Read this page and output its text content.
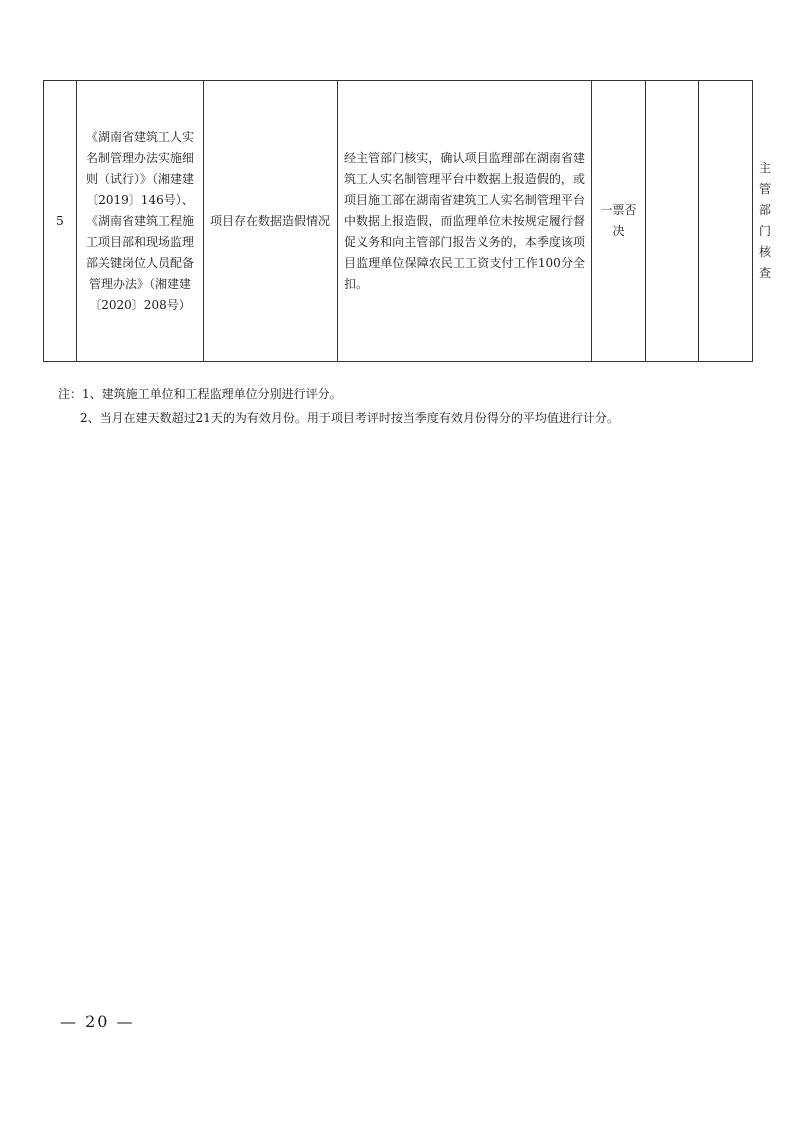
5	《湖南省建筑工人实名制管理办法实施细则（试行）》（湘建建〔2019〕146号）、《湖南省建筑工程施工项目部和现场监理部关键岗位人员配备管理办法》（湘建建〔2020〕208号）	项目存在数据造假情况	经主管部门核实，确认项目监理部在湖南省建筑工人实名制管理平台中数据上报造假的，或项目施工部在湖南省建筑工人实名制管理平台中数据上报造假，而监理单位未按规定履行督促义务和向主管部门报告义务的，本季度该项目监理单位保障农民工工资支付工作100分全扣。	一票否决			主管部门核查
注：1、建筑施工单位和工程监理单位分别进行评分。
2、当月在建天数超过21天的为有效月份。用于项目考评时按当季度有效月份得分的平均值进行计分。
— 20 —
